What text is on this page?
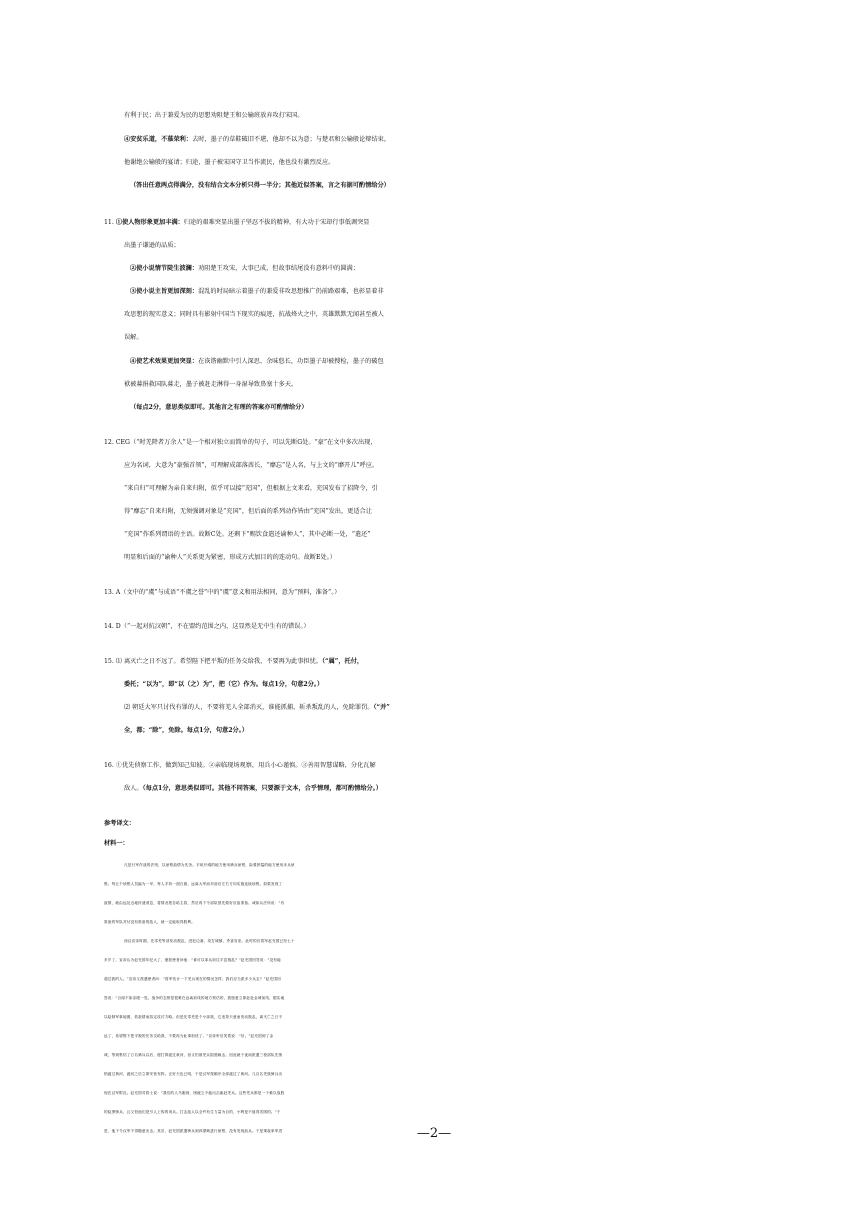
有利于民；出于兼爱为民的思想劝阻楚王和公输班放弃攻打宋国。
④安贫乐道，不慕荣利：去时，墨子的草鞋破旧不堪，他却不以为意；与楚君和公输般论辩结束，
他谢绝公输般的宴请；归途，墨子被宋国守卫当作流民，他也没有激烈反应。
（答出任意两点得满分，没有结合文本分析只得一半分；其他近似答案，言之有据可酌情给分）
11. ①使人物形象更加丰满：归途的艰难突显出墨子坚忍不拔的精神，有大功于宋却行事低调突显
出墨子谦逊的品质；
②使小说情节陡生波澜：劝阻楚王攻宋，大事已成，但故事结尾没有意料中的圆满；
③使小说主旨更加深刻：混乱的时局暗示着墨子的兼爱非攻思想推广仍前路艰难，也彰显着非
攻思想的现实意义；同时具有影射中国当下现实的痕迹，抗战烽火之中，英雄默默无闻甚至被人
误解。
④使艺术效果更加突显：在诙谐幽默中引人深思、余味悠长，功臣墨子却被搜检，墨子的破包
袱被募捐救国队募走，墨子被赶走淋得一身湿导致鼻塞十多天。
（每点2分，意思类似即可。其他言之有理的答案亦可酌情给分）
12. CEG（“时羌降者万余人”是一个相对独立而简单的句子，可以先断G处。“豪”在文中多次出现，
应为名词，大意为“豪强首领”，可理解成部落酋长，“靡忘”是人名，与上文的“靡开儿”呼应。
“来自归”可理解为亲自来归附，似乎可以接“充国”，但根据上文来看，充国发布了招降令，引
得“靡忘”自来归附，无须强调对象是“充国”，但后面的系列动作皆由“充国”发出，更适合让
“充国”作系列谓语的主语。故断C处。还剩下“赐饮食遣还谕种人”，其中必断一处，“遣还”
明显和后面的“谕种人”关系更为紧密，形成方式加目的的连动句。故断E处。）
13. A（文中的“虞”与成语“不虞之誉”中的“虞”意义和用法相同，意为“预料，准备”。）
14. D（“一起对抗汉朝”，不在盟约范围之内，这显然是无中生有的错误。）
15. ⑴ 离灭亡之日不远了。希望陛下把平叛的任务交给我，不要再为此事担忧。（“属”，托付，
委托；“以为”，即“以（之）为”，把（它）作为。每点1分，句意2分。）
⑵ 朝廷大军只讨伐有罪的人，不要将羌人全部消灭，谁能抓捕、斩杀叛乱的人，免除罪罚。（“并”
全，都；“除”，免除。每点1分，句意2分。）
16. ①优先侦察工作，做到知己知彼。②亲临现场观察，用兵小心谨慎。③善用智慧谋略，分化瓦解
敌人。（每点1分，意思类似即可。其他不同答案，只要源于文本，合乎情理，都可酌情给分。）
参考译文：
材料一：
凡是行军作战的法则，以侦察敌情为先务。平坦开阔的地方使用骑兵侦察，险要狭隘的地方使用步兵侦
察。每五个侦察人员编为一甲，每人手持一面白旗，远离大军而对前后左右方向实施连续侦察。如果发现了
敌情，就由远及近地传递消息，将情况报告给主将，然后再下令部队预先做好应敌准备。诚如兵法所说：“有
准备的军队对付没有准备的敌人，就一定能取得胜利。
西汉宣帝时期，先零羌等部发动叛乱，进犯边塞，攻打城镇，杀害官吏。此时的后将军赵充国已经七十
多岁了，宣帝认为赵充国年纪大了，便派使者问他：“谁可以率兵前往平息叛乱？”赵充国回答说：“没有能
超过我的人。”宣帝又派遣使者问：“将军估计一下羌兵现在的情况怎样，我们应当派多少兵去？”赵充国回
答说：“百闻不如亲眼一见。战争的态势是很难在远离前线的地方预估的，我愿意立即赶赴金城前线，据实地
以绘制军事地图，依敌情而拟定攻讨方略。但是先零羌是个小部族，它违背天意而发动叛乱，离灭亡之日不
远了，希望陛下把平叛的任务交给我，不要再为此事担忧了。”宣帝听后笑着说：“好。”赵充国到了金
城，等到集结了万名骑兵以后，便打算渡过黄河，但又怕被羌兵阻遏截击。因此就于夜间派遣三校部队先悄
悄渡过黄河，渡河之后立即安营布阵。正好天色已明，于是汉军按顺序全部渡过了黄河。几百名羌族骑兵出
现在汉军附近。赵充国对将士说：“我们的人马刚到，困疲乏不能出击驱赶羌兵。这些羌兵都是一下难以战胜
的骁勇骑兵，且又怕他们是引人上钩的诱兵。打击敌人以全歼有生力量为目的，小利是不值得贪图的。”于
是，他下令汉军不得随意出击。其后，赵充国派遣骑兵到四望峡进行侦察，没有发现敌兵。于是乘夜率军进	—2—
